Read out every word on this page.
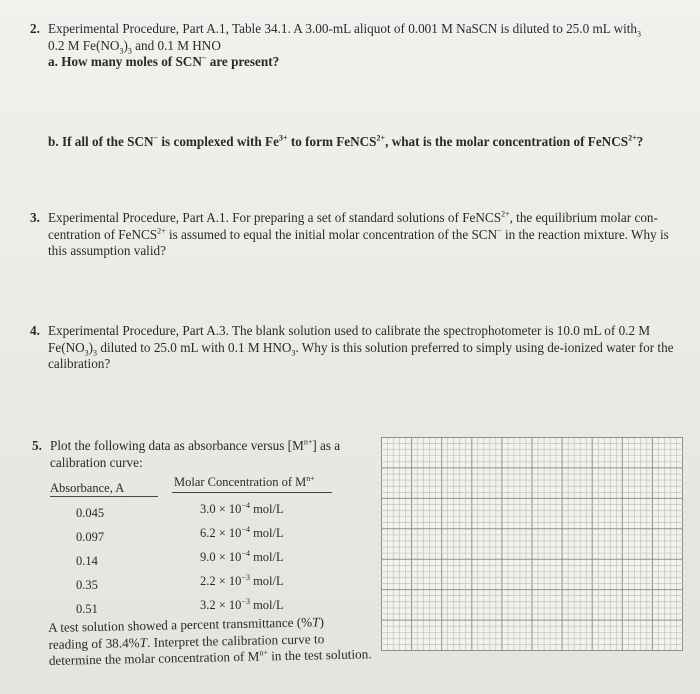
2. Experimental Procedure, Part A.1, Table 34.1. A 3.00-mL aliquot of 0.001 M NaSCN is diluted to 25.0 mL with$_3$
0.2 M $Fe(NO_3)_3$ and 0.1 M HNO
a. How many moles of SCN− are present?
b. If all of the SCN− is complexed with $Fe^{3+}$ to form FeNCS$^{2+}$, what is the molar concentration of FeNCS$^{2+}$?
3. Experimental Procedure, Part A.1. For preparing a set of standard solutions of FeNCS$^{2+}$, the equilibrium molar con-
centration of FeNCS$^{2+}$ is assumed to equal the initial molar concentration of the SCN− in the reaction mixture. Why is
this assumption valid?
4. Experimental Procedure, Part A.3. The blank solution used to calibrate the spectrophotometer is 10.0 mL of 0.2 M
$Fe(NO_3)_3$ diluted to 25.0 mL with 0.1 M $HNO_3$. Why is this solution preferred to simply using de-ionized water for the
calibration?
5. Plot the following data as absorbance versus $[M^{n+}]$ as a
calibration curve:
Absorbance, A	Molar Concentration of $M^{n+}$
0.045	$3.0 \times 10^{-4}$ mol/L
0.097	$6.2 \times 10^{-4}$ mol/L
0.14	$9.0 \times 10^{-4}$ mol/L
0.35	$2.2 \times 10^{-3}$ mol/L
0.51	$3.2 \times 10^{-3}$ mol/L
A test solution showed a percent transmittance (%T)
reading of 38.4%T. Interpret the calibration curve to
determine the molar concentration of $M^{n+}$ in the test solution.
